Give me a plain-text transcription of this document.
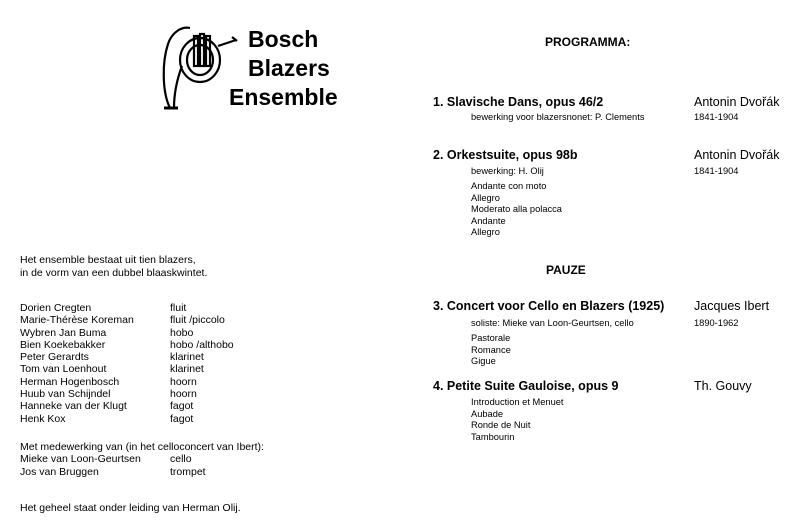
Bosch
Blazers
Ensemble
Het ensemble bestaat uit tien blazers,
in de vorm van een dubbel blaaskwintet.
Dorien Cregten	fluit
Marie-Thérèse Koreman	fluit /piccolo
Wybren Jan Buma	hobo
Bien Koekebakker	hobo /althobo
Peter Gerardts	klarinet
Tom van Loenhout	klarinet
Herman Hogenbosch	hoorn
Huub van Schijndel	hoorn
Hanneke van der Klugt	fagot
Henk Kox	fagot
Met medewerking van (in het celloconcert van Ibert):
Mieke van Loon-Geurtsen	cello
Jos van Bruggen	trompet
Het geheel staat onder leiding van Herman Olij.
PROGRAMMA:
1. Slavische Dans, opus 46/2	Antonin Dvořák
bewerking voor blazersnonet: P. Clements	1841-1904
2. Orkestsuite, opus 98b	Antonin Dvořák
bewerking: H. Olij	1841-1904
Andante con moto
Allegro
Moderato alla polacca
Andante
Allegro
PAUZE
3. Concert voor Cello en Blazers (1925) Jacques Ibert
soliste: Mieke van Loon-Geurtsen, cello	1890-1962
Pastorale
Romance
Gigue
4. Petite Suite Gauloise, opus 9	Th. Gouvy
Introduction et Menuet
Aubade
Ronde de Nuit
Tambourin
